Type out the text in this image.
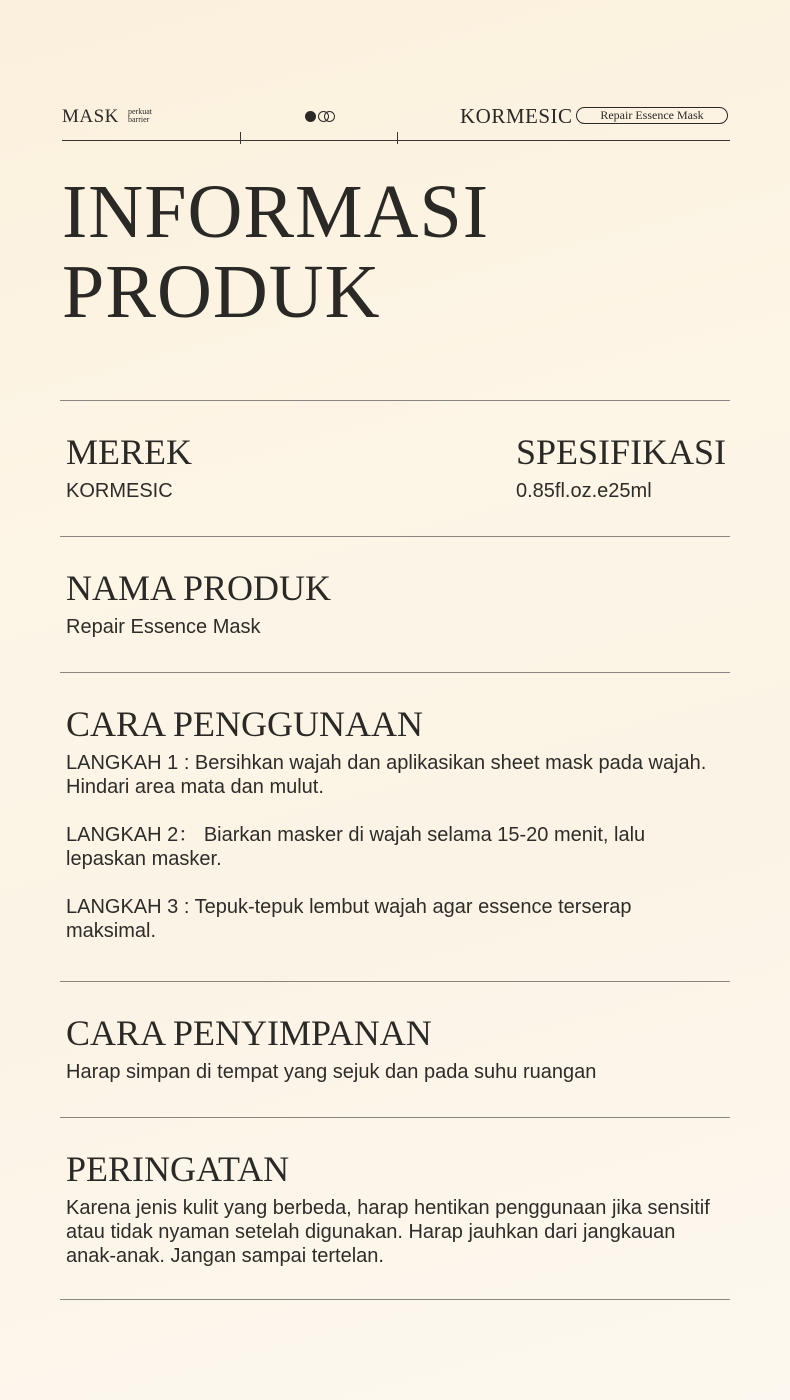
MASK perkuat
barrier	KORMESIC	Repair Essence Mask
INFORMASI
PRODUK
MEREK

KORMESIC

SPESIFIKASI

0.85fl.oz.e25ml

NAMA PRODUK

Repair Essence Mask

CARA PENGGUNAAN

LANGKAH 1 : Bersihkan wajah dan aplikasikan sheet mask pada wajah. Hindari area mata dan mulut.

LANGKAH 2： Biarkan masker di wajah selama 15-20 menit, lalu lepaskan masker.

LANGKAH 3 : Tepuk-tepuk lembut wajah agar essence terserap maksimal.

CARA PENYIMPANAN

Harap simpan di tempat yang sejuk dan pada suhu ruangan

PERINGATAN

Karena jenis kulit yang berbeda, harap hentikan penggunaan jika sensitif atau tidak nyaman setelah digunakan. Harap jauhkan dari jangkauan anak-anak. Jangan sampai tertelan.
